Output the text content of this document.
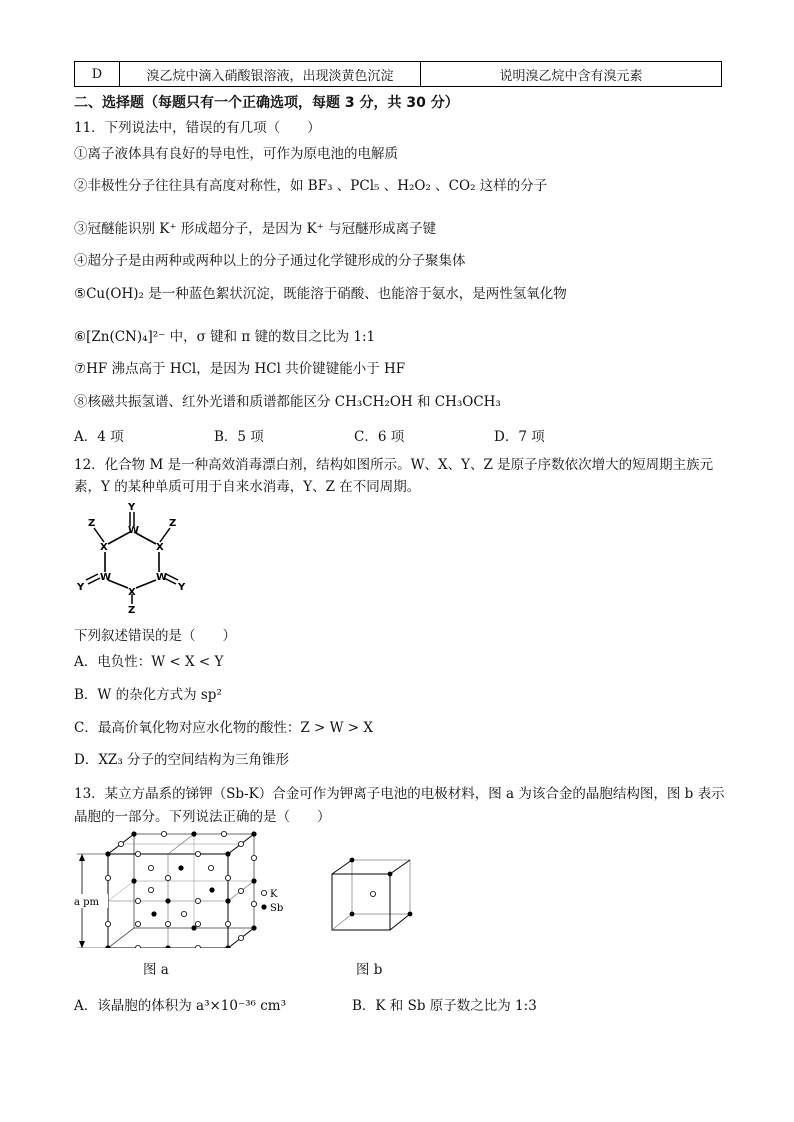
D	溴乙烷中滴入硝酸银溶液，出现淡黄色沉淀	说明溴乙烷中含有溴元素
二、选择题（每题只有一个正确选项，每题 3 分，共 30 分）
11．下列说法中，错误的有几项（　　）
①离子液体具有良好的导电性，可作为原电池的电解质
②非极性分子往往具有高度对称性，如 BF₃ 、PCl₅ 、H₂O₂ 、CO₂ 这样的分子
③冠醚能识别 K⁺ 形成超分子，是因为 K⁺ 与冠醚形成离子键
④超分子是由两种或两种以上的分子通过化学键形成的分子聚集体
⑤Cu(OH)₂ 是一种蓝色絮状沉淀，既能溶于硝酸、也能溶于氨水，是两性氢氧化物
⑥[Zn(CN)₄]²⁻ 中，σ 键和 π 键的数目之比为 1:1
⑦HF 沸点高于 HCl，是因为 HCl 共价键键能小于 HF
⑧核磁共振氢谱、红外光谱和质谱都能区分 CH₃CH₂OH 和 CH₃OCH₃
A．4 项	B．5 项	C．6 项	D．7 项
12．化合物 M 是一种高效消毒漂白剂，结构如图所示。W、X、Y、Z 是原子序数依次增大的短周期主族元
素，Y 的某种单质可用于自来水消毒，Y、Z 在不同周期。
Y
W
Z	Z
X	X
W	W
Y	Y
X
Z
下列叙述错误的是（　　）
A．电负性：W < X < Y
B．W 的杂化方式为 sp²
C．最高价氧化物对应水化物的酸性：Z > W > X
D．XZ₃ 分子的空间结构为三角锥形
13．某立方晶系的锑钾（Sb-K）合金可作为钾离子电池的电极材料，图 a 为该合金的晶胞结构图，图 b 表示
晶胞的一部分。下列说法正确的是（　　）
a pm
K
Sb
图 a	图 b
A．该晶胞的体积为 a³×10⁻³⁶ cm³	B．K 和 Sb 原子数之比为 1:3
